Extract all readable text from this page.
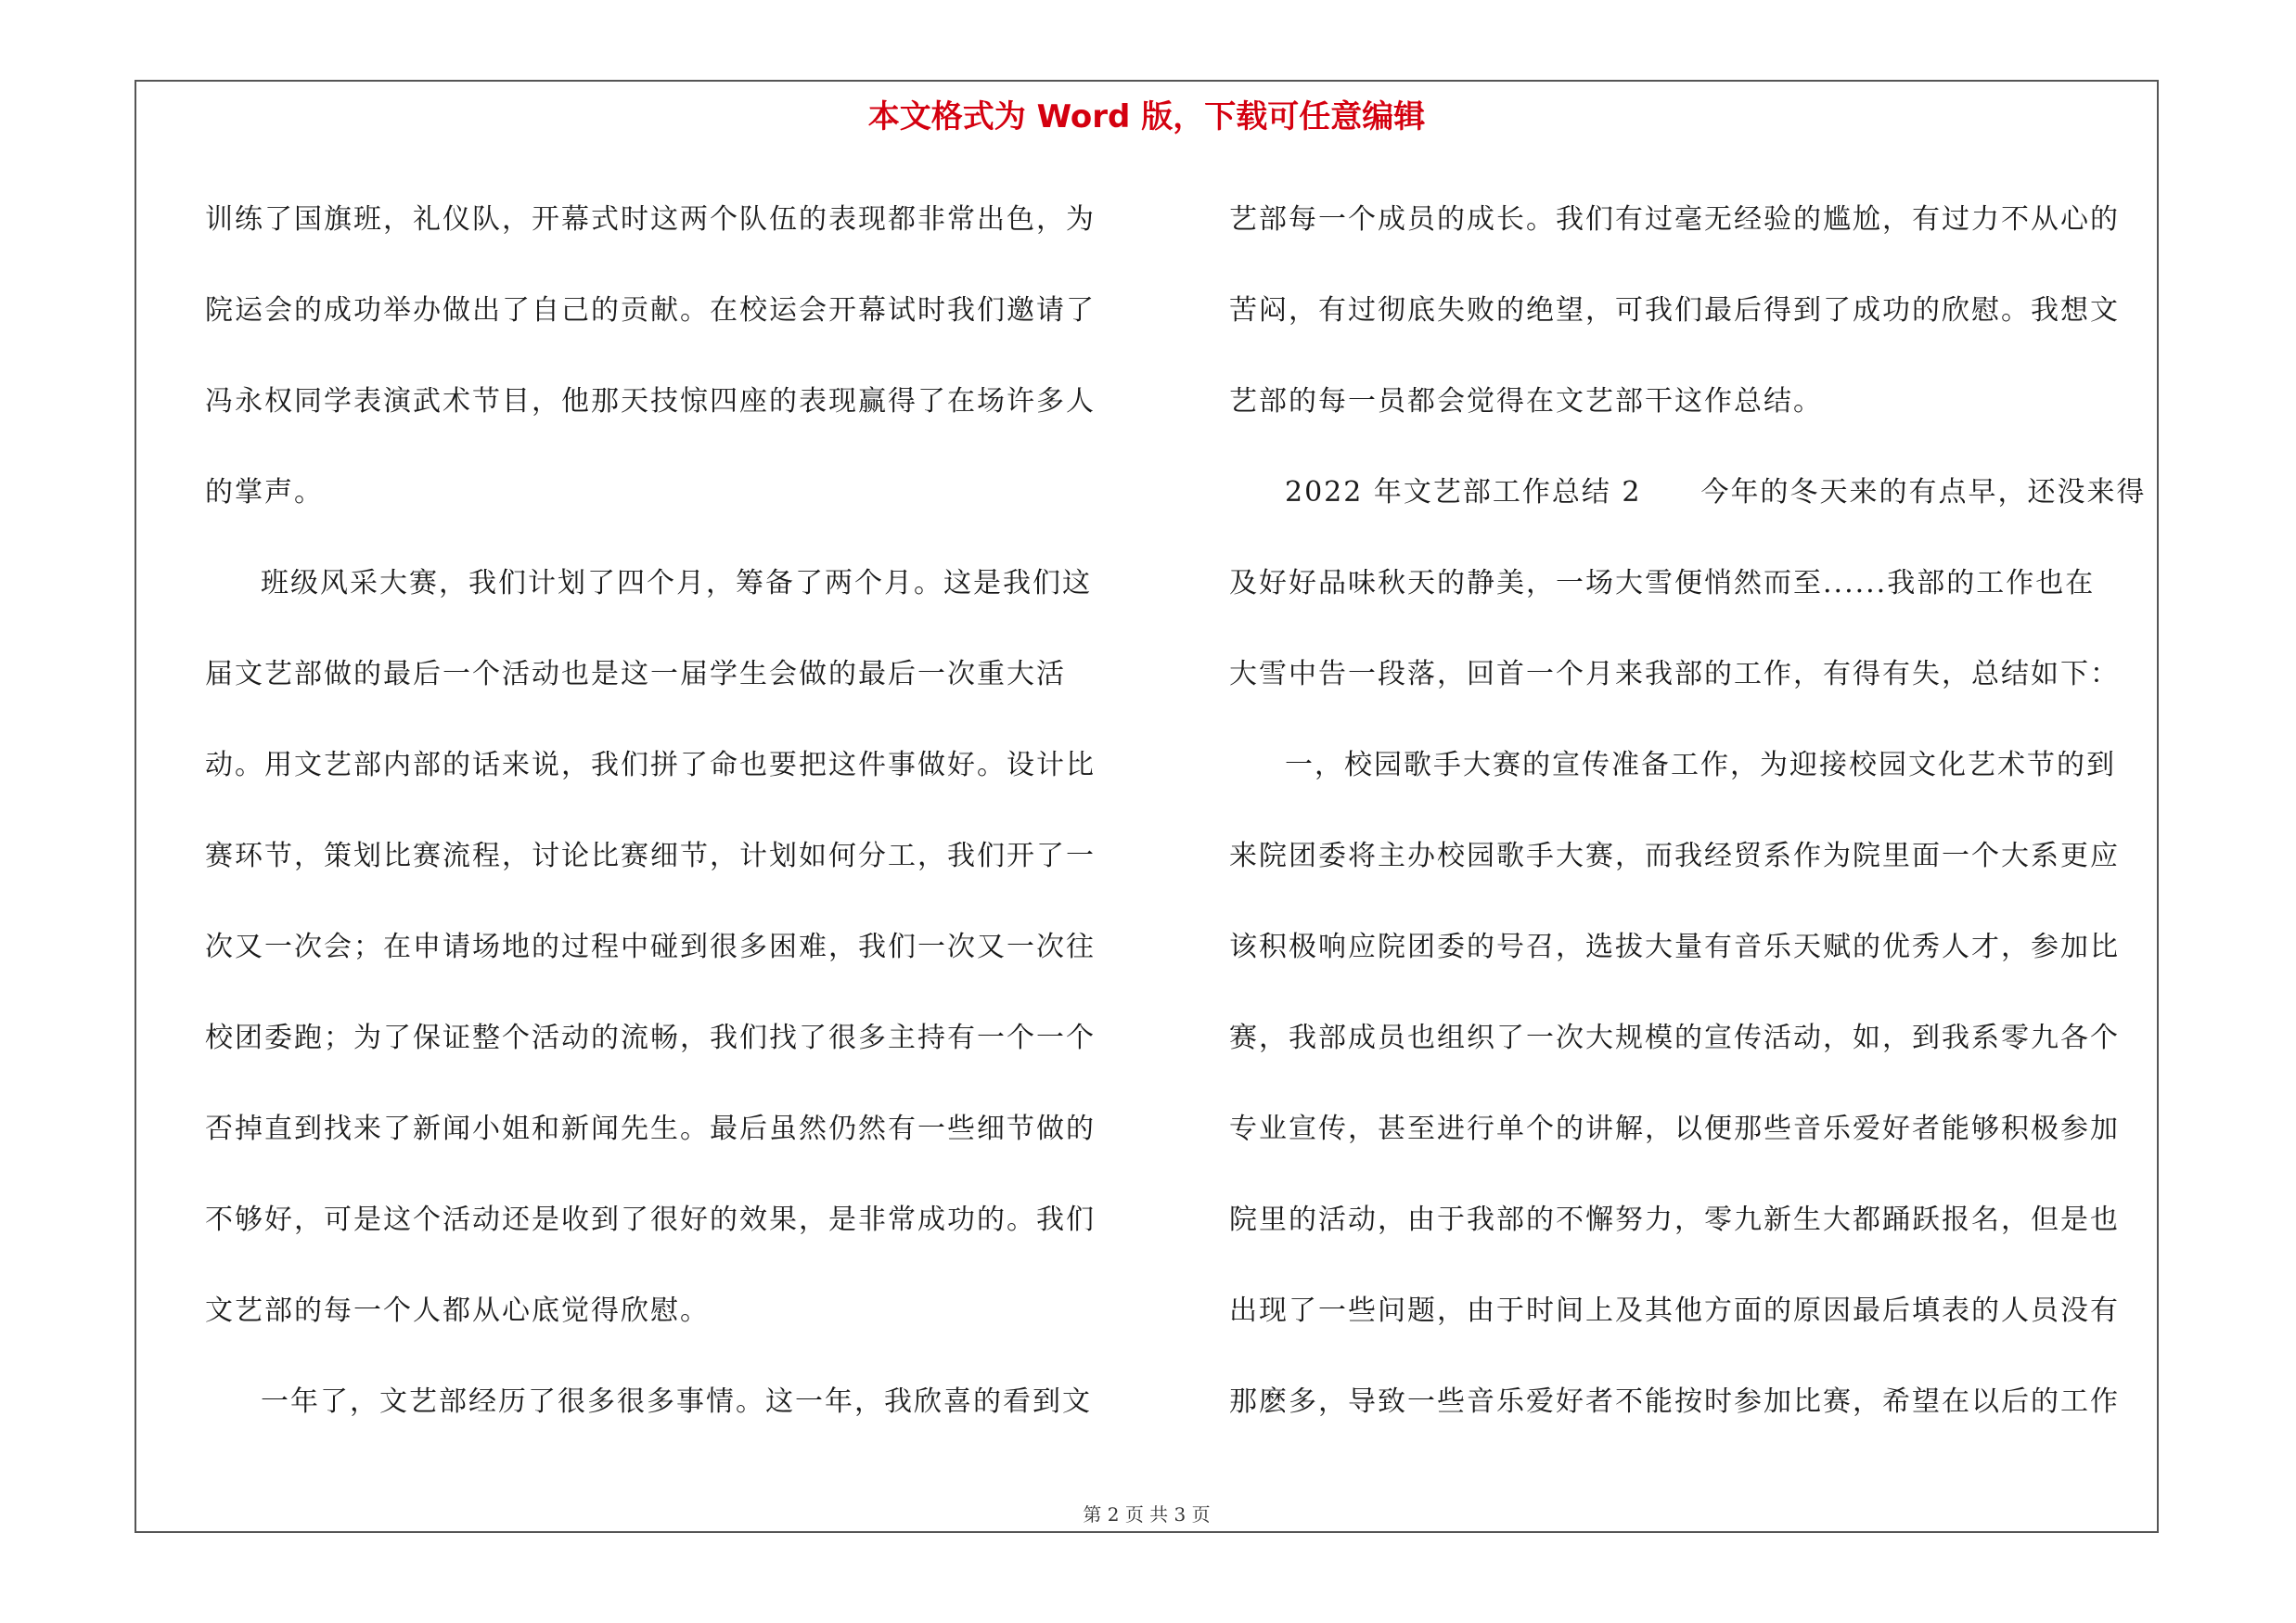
本文格式为 Word 版，下载可任意编辑
训练了国旗班，礼仪队，开幕式时这两个队伍的表现都非常出色，为
院运会的成功举办做出了自己的贡献。在校运会开幕试时我们邀请了
冯永权同学表演武术节目，他那天技惊四座的表现赢得了在场许多人
的掌声。
班级风采大赛，我们计划了四个月，筹备了两个月。这是我们这
届文艺部做的最后一个活动也是这一届学生会做的最后一次重大活
动。用文艺部内部的话来说，我们拼了命也要把这件事做好。设计比
赛环节，策划比赛流程，讨论比赛细节，计划如何分工，我们开了一
次又一次会；在申请场地的过程中碰到很多困难，我们一次又一次往
校团委跑；为了保证整个活动的流畅，我们找了很多主持有一个一个
否掉直到找来了新闻小姐和新闻先生。最后虽然仍然有一些细节做的
不够好，可是这个活动还是收到了很好的效果，是非常成功的。我们
文艺部的每一个人都从心底觉得欣慰。
一年了，文艺部经历了很多很多事情。这一年，我欣喜的看到文
艺部每一个成员的成长。我们有过毫无经验的尴尬，有过力不从心的
苦闷，有过彻底失败的绝望，可我们最后得到了成功的欣慰。我想文
艺部的每一员都会觉得在文艺部干这作总结。
2022 年文艺部工作总结 2　　今年的冬天来的有点早，还没来得
及好好品味秋天的静美，一场大雪便悄然而至......我部的工作也在
大雪中告一段落，回首一个月来我部的工作，有得有失，总结如下：
一，校园歌手大赛的宣传准备工作，为迎接校园文化艺术节的到
来院团委将主办校园歌手大赛，而我经贸系作为院里面一个大系更应
该积极响应院团委的号召，选拔大量有音乐天赋的优秀人才，参加比
赛，我部成员也组织了一次大规模的宣传活动，如，到我系零九各个
专业宣传，甚至进行单个的讲解，以便那些音乐爱好者能够积极参加
院里的活动，由于我部的不懈努力，零九新生大都踊跃报名，但是也
出现了一些问题，由于时间上及其他方面的原因最后填表的人员没有
那麽多，导致一些音乐爱好者不能按时参加比赛，希望在以后的工作
第 2 页 共 3 页
